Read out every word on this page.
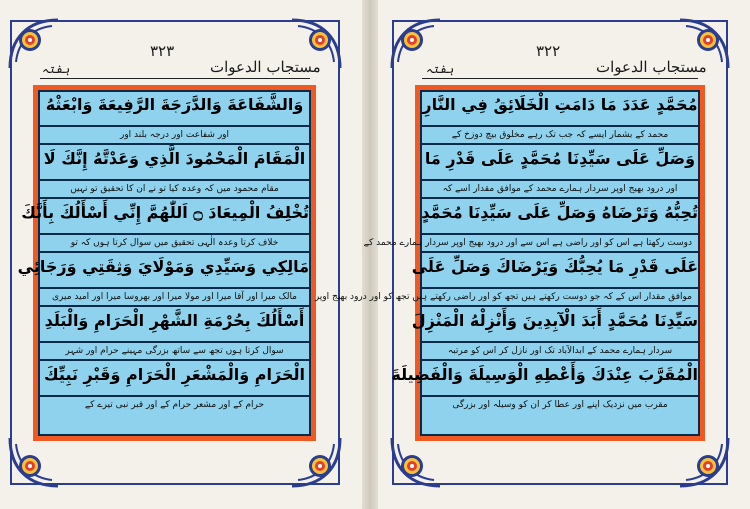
۳۲۳
ہفتہ	مستجاب الدعوات
وَالشَّفَاعَةَ وَالدَّرَجَةَ الرَّفِيعَةَ وَابْعَثْهُ
اور شفاعت اور درجہ بلند اور
الْمَقَامَ الْمَحْمُودَ الَّذِي وَعَدْتَّهُ إِنَّكَ لَا
مقام محمود میں کہ وعدہ کیا تو نے ان کا تحقیق تو نہیں
تُخْلِفُ الْمِيعَادَ ۝ اَللّٰهُمَّ إِنِّي أَسْأَلُكَ بِأَنَّكَ
خلاف کرتا وعدہ الٰہی تحقیق میں سوال کرتا ہوں کہ تو
مَالِكِي وَسَيِّدِي وَمَوْلَايَ وَثِقَتِي وَرَجَائِي
مالک میرا اور آقا میرا اور مولا میرا اور بھروسا میرا اور امید میری
أَسْأَلُكَ بِحُرْمَةِ الشَّهْرِ الْحَرَامِ وَالْبَلَدِ
سوال کرتا ہوں تجھ سے ساتھ بزرگی مہینے حرام اور شہر
الْحَرَامِ وَالْمَشْعَرِ الْحَرَامِ وَقَبْرِ نَبِيِّكَ
حرام کے اور مشعر حرام کے اور قبر نبی تیرے کے
۳۲۲
ہفتہ	مستجاب الدعوات
مُحَمَّدٍ عَدَدَ مَا دَامَتِ الْخَلَائِقُ فِي النَّارِ
محمد کے بشمار ایسے کہ جب تک رہے مخلوق بیچ دوزخ کے
وَصَلِّ عَلَى سَيِّدِنَا مُحَمَّدٍ عَلَى قَدْرِ مَا
اور درود بھیج اوپر سردار ہمارے محمد کے موافق مقدار اسے کہ
تُحِبُّهُ وَتَرْضَاهُ وَصَلِّ عَلَى سَيِّدِنَا مُحَمَّدٍ
دوست رکھتا ہے اس کو اور راضی ہے اس سے اور درود بھیج اوپر سردار ہمارے محمد کے
عَلَى قَدْرِ مَا يُحِبُّكَ وَيَرْضَاكَ وَصَلِّ عَلَى
موافق مقدار اس کے کہ جو دوست رکھتے ہیں تجھ کو اور راضی رکھتے ہیں تجھ کو اور درود بھیج اوپر
سَيِّدِنَا مُحَمَّدٍ أَبَدَ الْآبِدِينَ وَأَنْزِلْهُ الْمَنْزِلَ
سردار ہمارے محمد کے ابدالآباد تک اور نازل کر اس کو مرتبہ
الْمُقَرَّبَ عِنْدَكَ وَأَعْطِهِ الْوَسِيلَةَ وَالْفَضِيلَةَ
مقرب میں نزدیک اپنے اور عطا کر ان کو وسیلہ اور بزرگی
